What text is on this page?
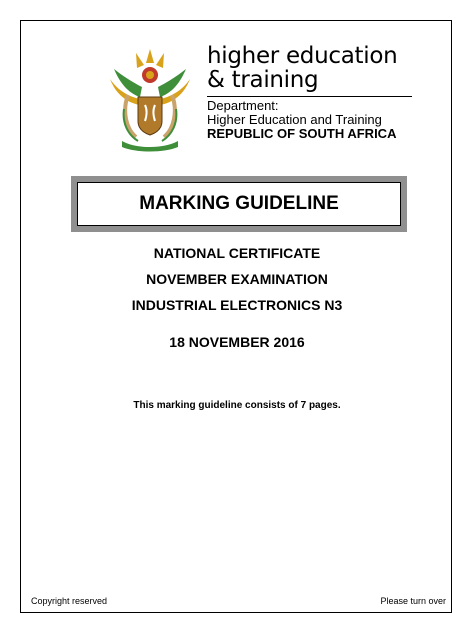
higher education
& training
Department:
Higher Education and Training
REPUBLIC OF SOUTH AFRICA
MARKING GUIDELINE
NATIONAL CERTIFICATE
NOVEMBER EXAMINATION
INDUSTRIAL ELECTRONICS N3
18 NOVEMBER 2016
This marking guideline consists of 7 pages.
Copyright reserved	Please turn over
